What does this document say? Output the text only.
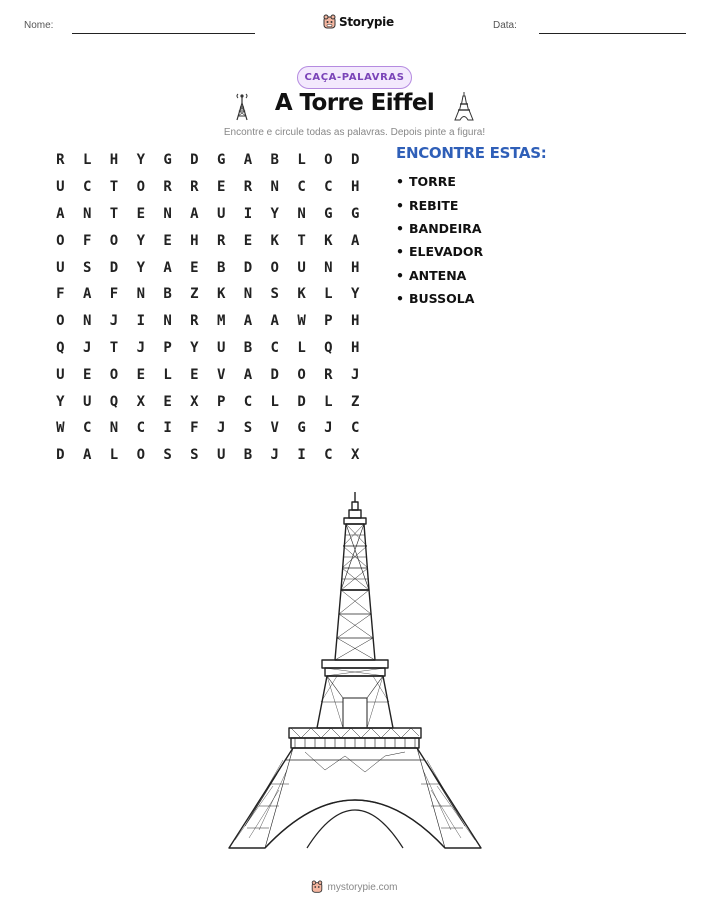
Nome:	Storypie	Data:
CAÇA-PALAVRAS
A Torre Eiffel
Encontre e circule todas as palavras. Depois pinte a figura!
R	L	H	Y	G	D	G	A	B	L	O	D
U	C	T	O	R	R	E	R	N	C	C	H
A	N	T	E	N	A	U	I	Y	N	G	G
O	F	O	Y	E	H	R	E	K	T	K	A
U	S	D	Y	A	E	B	D	O	U	N	H
F	A	F	N	B	Z	K	N	S	K	L	Y
O	N	J	I	N	R	M	A	A	W	P	H
Q	J	T	J	P	Y	U	B	C	L	Q	H
U	E	O	E	L	E	V	A	D	O	R	J
Y	U	Q	X	E	X	P	C	L	D	L	Z
W	C	N	C	I	F	J	S	V	G	J	C
D	A	L	O	S	S	U	B	J	I	C	X
ENCONTRE ESTAS:
• TORRE
• REBITE
• BANDEIRA
• ELEVADOR
• ANTENA
• BUSSOLA
mystorypie.com
